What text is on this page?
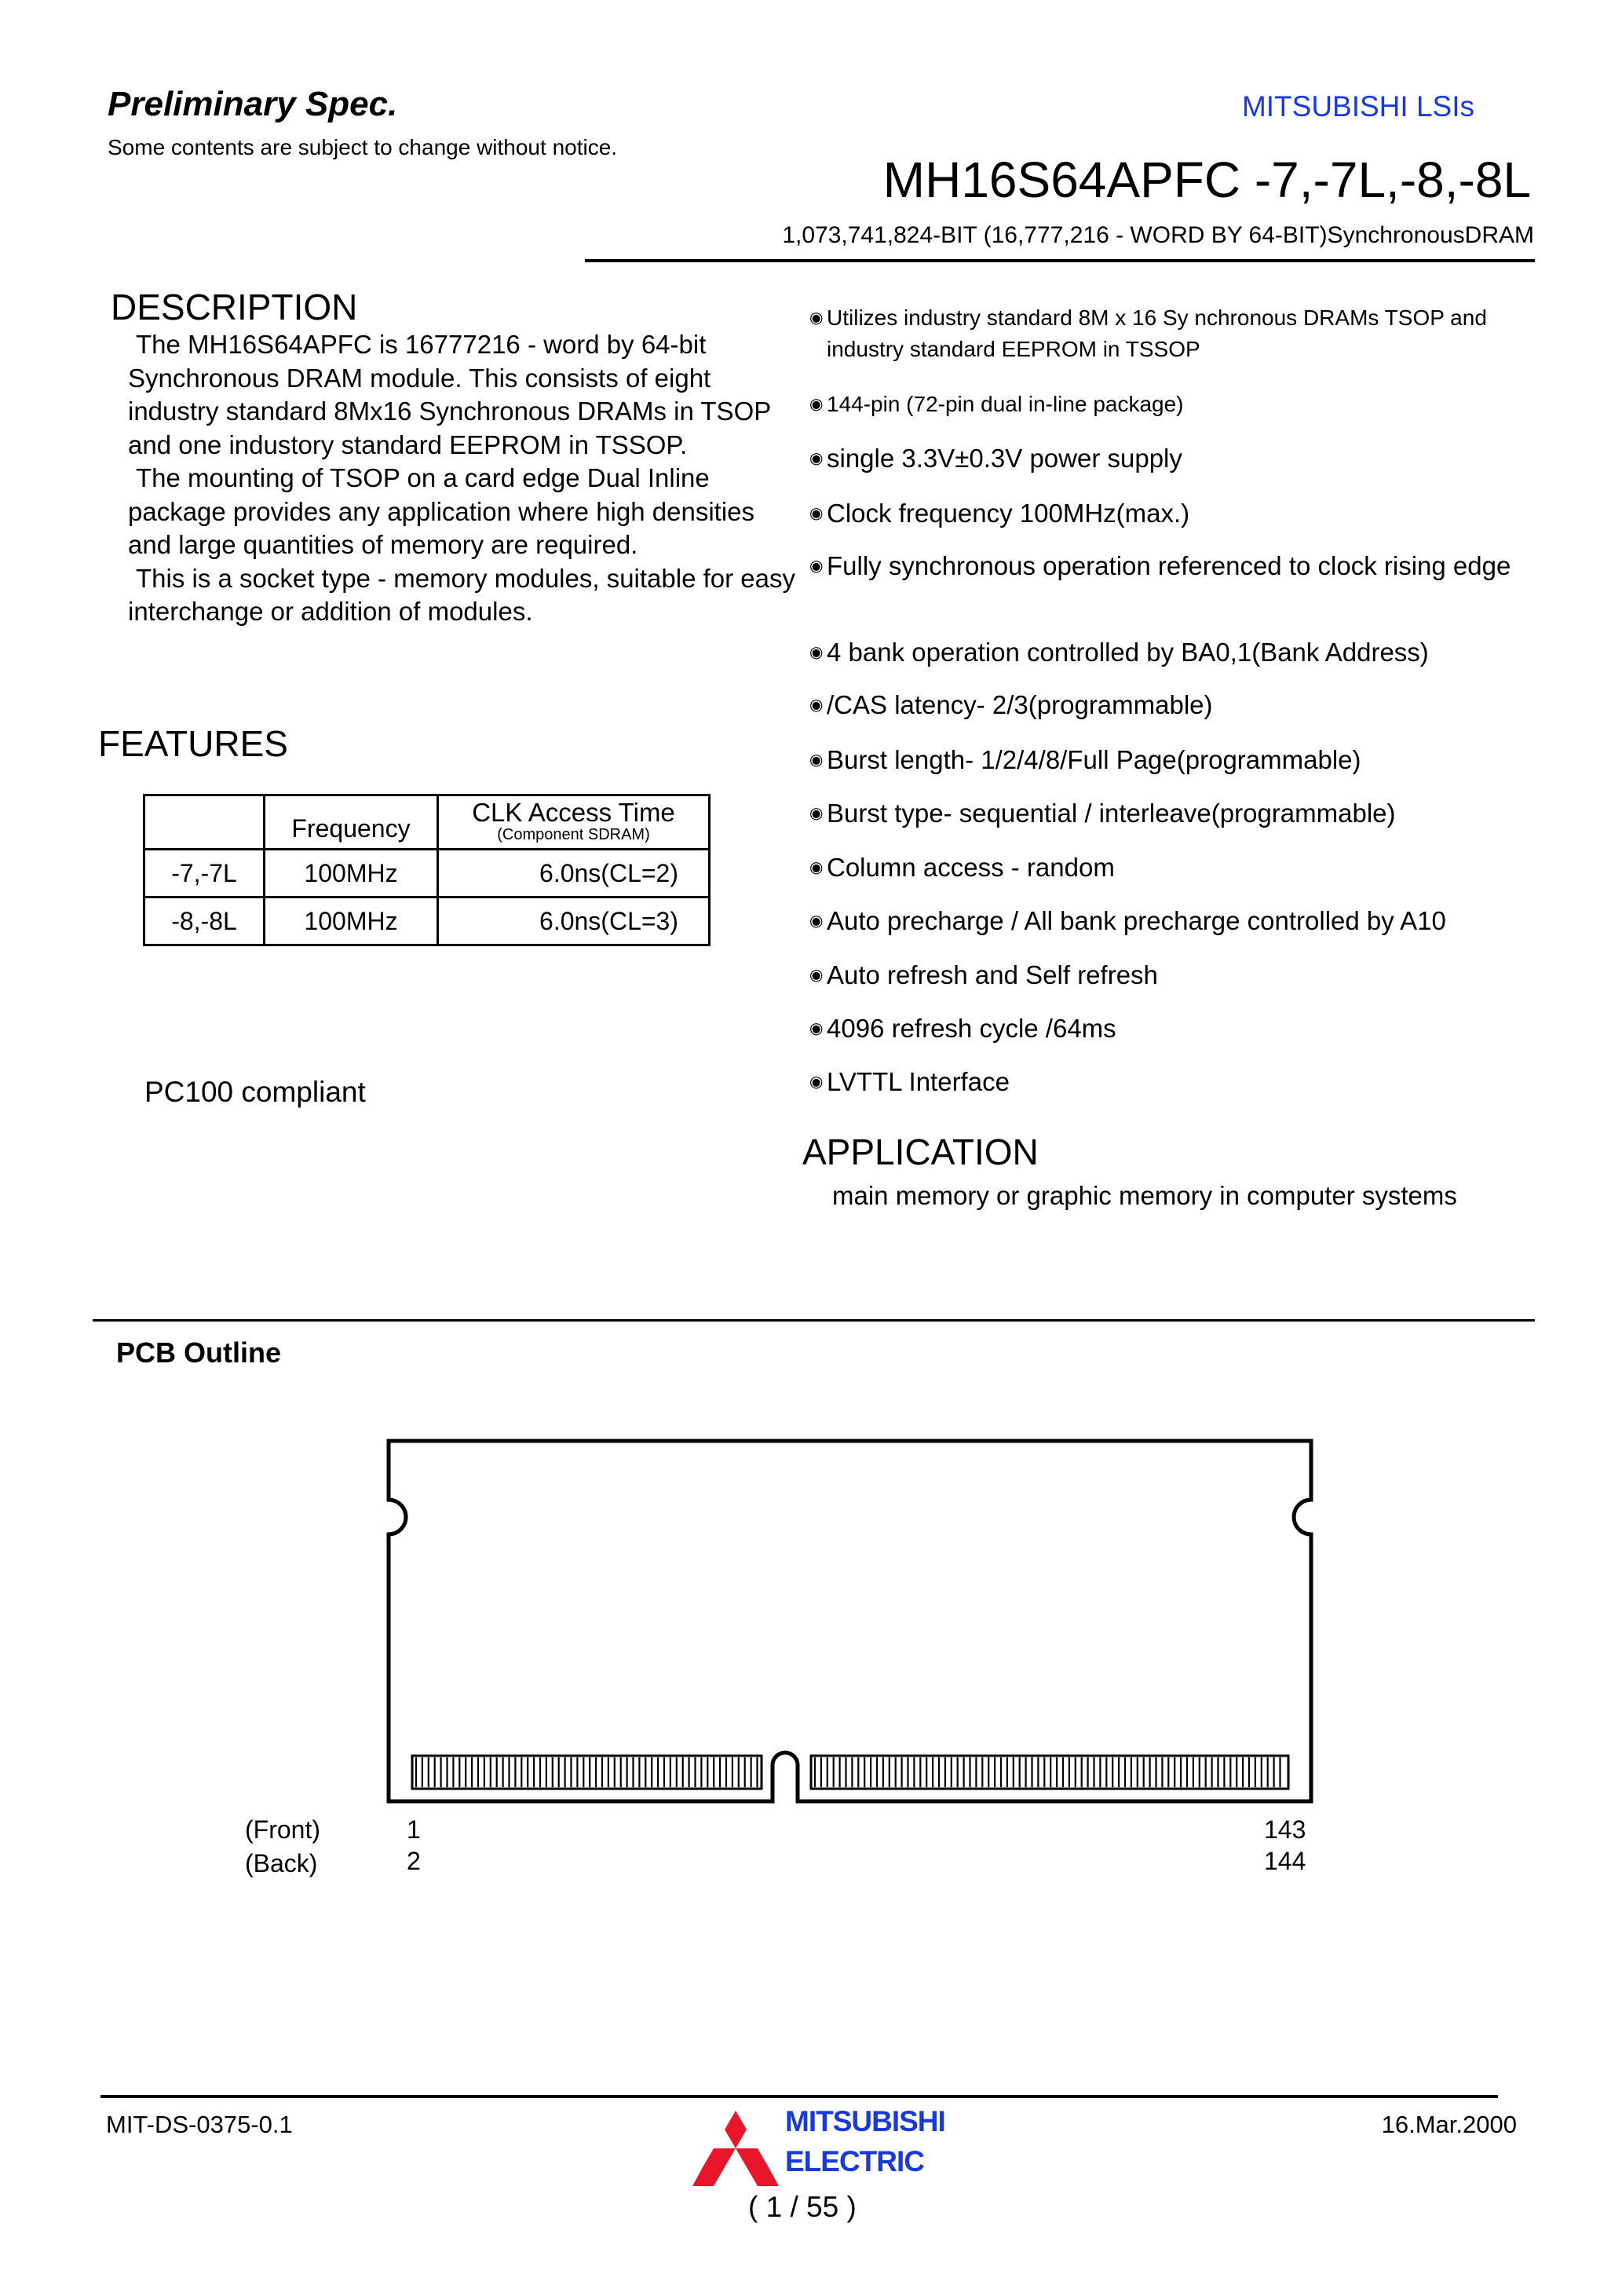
Preliminary Spec.
Some contents are subject to change without notice.
MITSUBISHI LSIs
MH16S64APFC -7,-7L,-8,-8L
1,073,741,824-BIT (16,777,216 - WORD BY 64-BIT)SynchronousDRAM
DESCRIPTION

The MH16S64APFC is 16777216 - word by 64-bit Synchronous DRAM module. This consists of eight industry standard 8Mx16 Synchronous DRAMs in TSOP and one industory standard EEPROM in TSSOP.

The mounting of TSOP on a card edge Dual Inline package provides any application where high densities and large quantities of memory are required.

This is a socket type - memory modules, suitable for easy interchange or addition of modules.

FEATURES
	Frequency	CLK Access Time
(Component SDRAM)

-7,-7L	100MHz	6.0ns(CL=2)
-8,-8L	100MHz	6.0ns(CL=3)
PC100 compliant
◉ Utilizes industry standard 8M x 16 Sy nchronous DRAMs TSOP and industry standard EEPROM in TSSOP
◉ 144-pin (72-pin dual in-line package)
◉ single 3.3V±0.3V power supply
◉ Clock frequency 100MHz(max.)
◉ Fully synchronous operation referenced to clock rising edge
◉ 4 bank operation controlled by BA0,1(Bank Address)
◉ /CAS latency- 2/3(programmable)
◉ Burst length- 1/2/4/8/Full Page(programmable)
◉ Burst type- sequential / interleave(programmable)
◉ Column access - random
◉ Auto precharge / All bank precharge controlled by A10
◉ Auto refresh and Self refresh
◉ 4096 refresh cycle /64ms
◉ LVTTL Interface
APPLICATION
main memory or graphic memory in computer systems
PCB Outline
(Front)
(Back)
1
2
143
144
MIT-DS-0375-0.1	MITSUBISHI
ELECTRIC
( 1 / 55 )
16.Mar.2000
